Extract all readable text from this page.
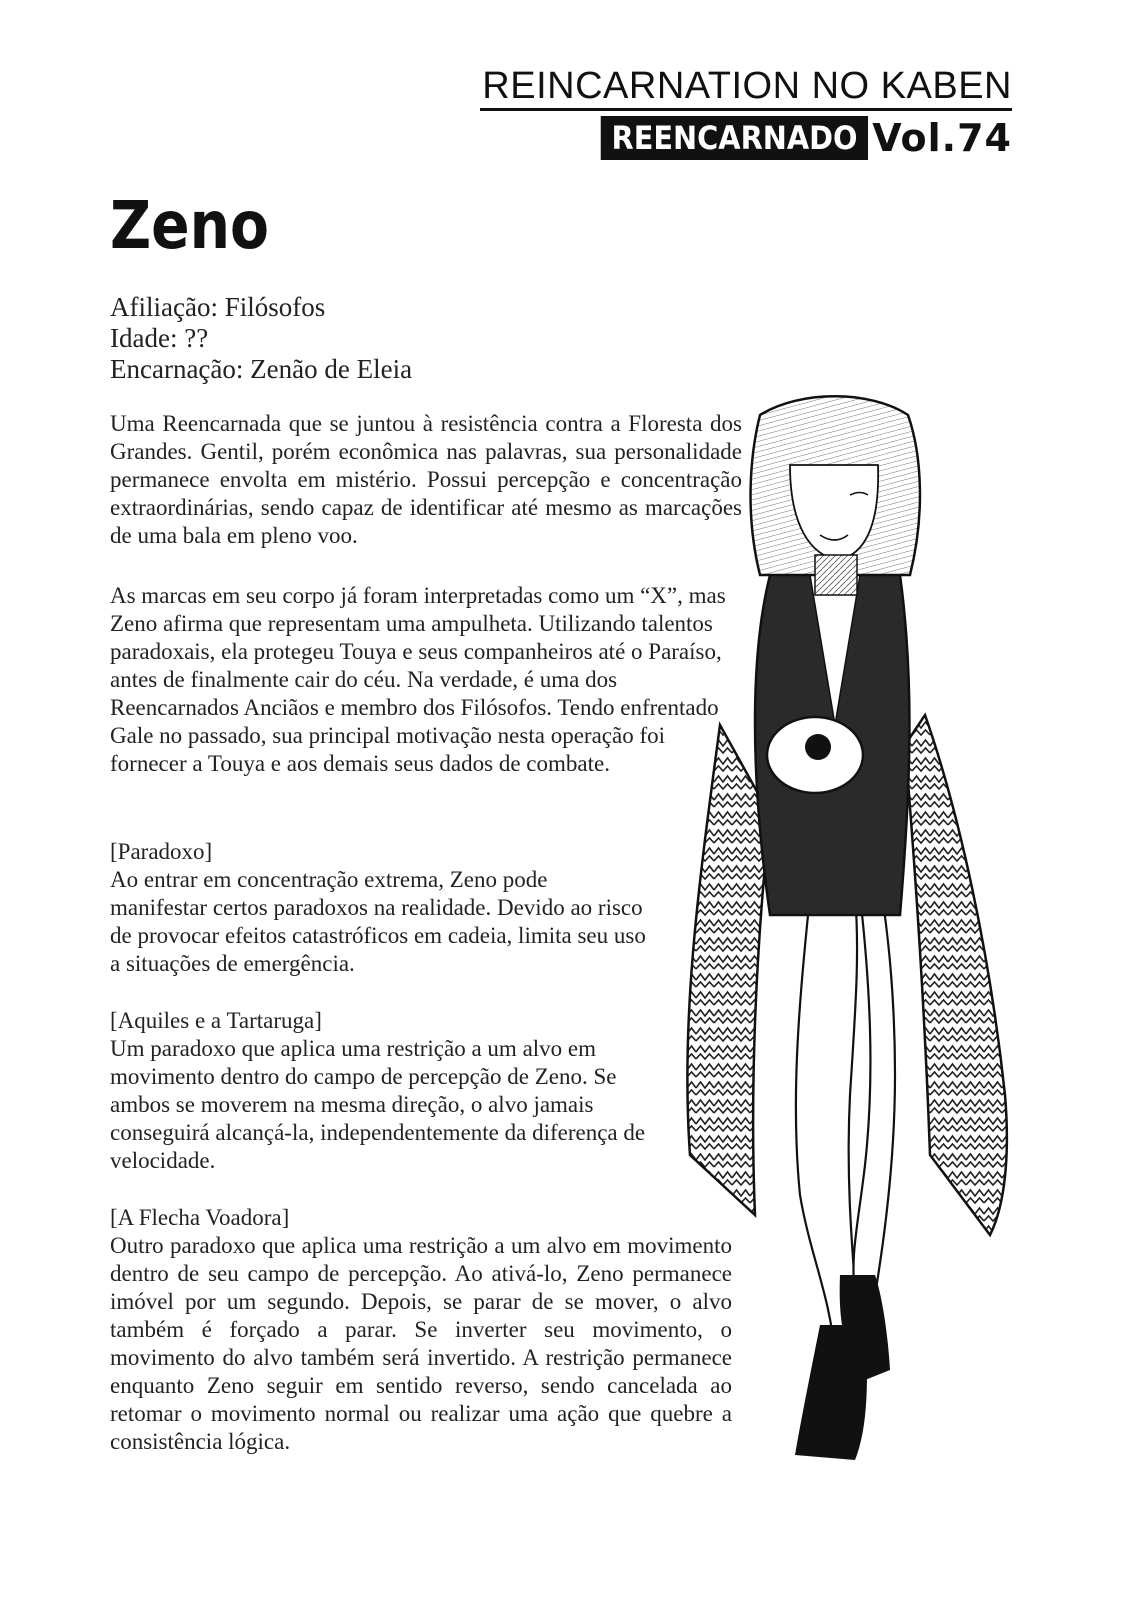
REINCARNATION NO KABEN
REENCARNADO Vol.74
Zeno
Afiliação: Filósofos
Idade: ??
Encarnação: Zenão de Eleia
Uma Reencarnada que se juntou à resistência contra a Floresta dos Grandes. Gentil, porém econômica nas palavras, sua personalidade permanece envolta em mistério. Possui percepção e concentração extraordinárias, sendo capaz de identificar até mesmo as marcações de uma bala em pleno voo.
As marcas em seu corpo já foram interpretadas como um “X”, mas Zeno afirma que representam uma ampulheta. Utilizando talentos paradoxais, ela protegeu Touya e seus companheiros até o Paraíso, antes de finalmente cair do céu. Na verdade, é uma dos Reencarnados Anciãos e membro dos Filósofos. Tendo enfrentado Gale no passado, sua principal motivação nesta operação foi fornecer a Touya e aos demais seus dados de combate.
[Paradoxo]
Ao entrar em concentração extrema, Zeno pode manifestar certos paradoxos na realidade. Devido ao risco de provocar efeitos catastróficos em cadeia, limita seu uso a situações de emergência.
[Aquiles e a Tartaruga]
Um paradoxo que aplica uma restrição a um alvo em movimento dentro do campo de percepção de Zeno. Se ambos se moverem na mesma direção, o alvo jamais conseguirá alcançá-la, independentemente da diferença de velocidade.
[A Flecha Voadora]
Outro paradoxo que aplica uma restrição a um alvo em movimento dentro de seu campo de percepção. Ao ativá-lo, Zeno permanece imóvel por um segundo. Depois, se parar de se mover, o alvo também é forçado a parar. Se inverter seu movimento, o movimento do alvo também será invertido. A restrição permanece enquanto Zeno seguir em sentido reverso, sendo cancelada ao retomar o movimento normal ou realizar uma ação que quebre a consistência lógica.
